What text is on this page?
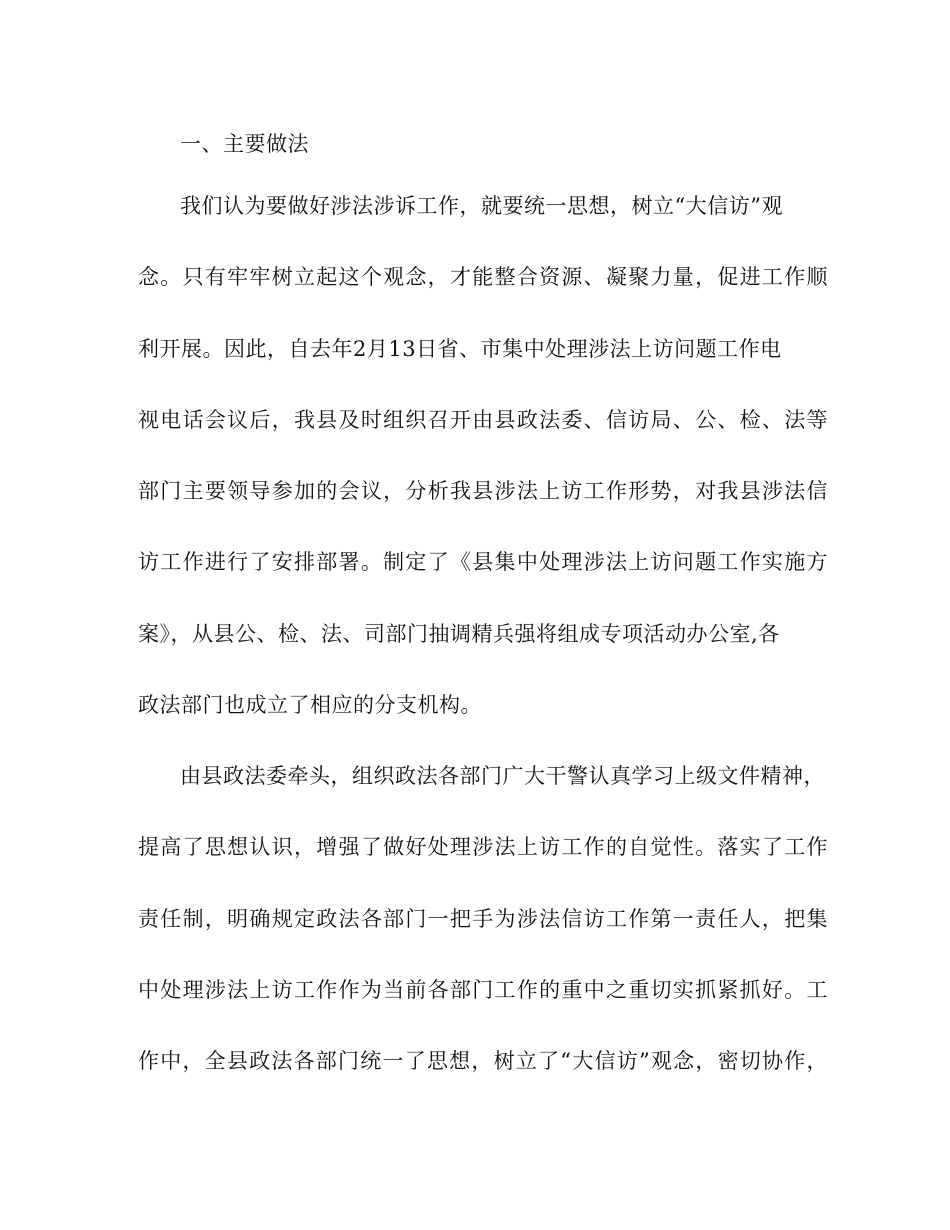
一、主要做法
我们认为要做好涉法涉诉工作，就要统一思想，树立“大信访”观
念。只有牢牢树立起这个观念，才能整合资源、凝聚力量，促进工作顺
利开展。因此，自去年2月13日省、市集中处理涉法上访问题工作电
视电话会议后，我县及时组织召开由县政法委、信访局、公、检、法等
部门主要领导参加的会议，分析我县涉法上访工作形势，对我县涉法信
访工作进行了安排部署。制定了《县集中处理涉法上访问题工作实施方
案》，从县公、检、法、司部门抽调精兵强将组成专项活动办公室,各
政法部门也成立了相应的分支机构。
由县政法委牵头，组织政法各部门广大干警认真学习上级文件精神，
提高了思想认识，增强了做好处理涉法上访工作的自觉性。落实了工作
责任制，明确规定政法各部门一把手为涉法信访工作第一责任人，把集
中处理涉法上访工作作为当前各部门工作的重中之重切实抓紧抓好。工
作中，全县政法各部门统一了思想，树立了“大信访”观念，密切协作，
